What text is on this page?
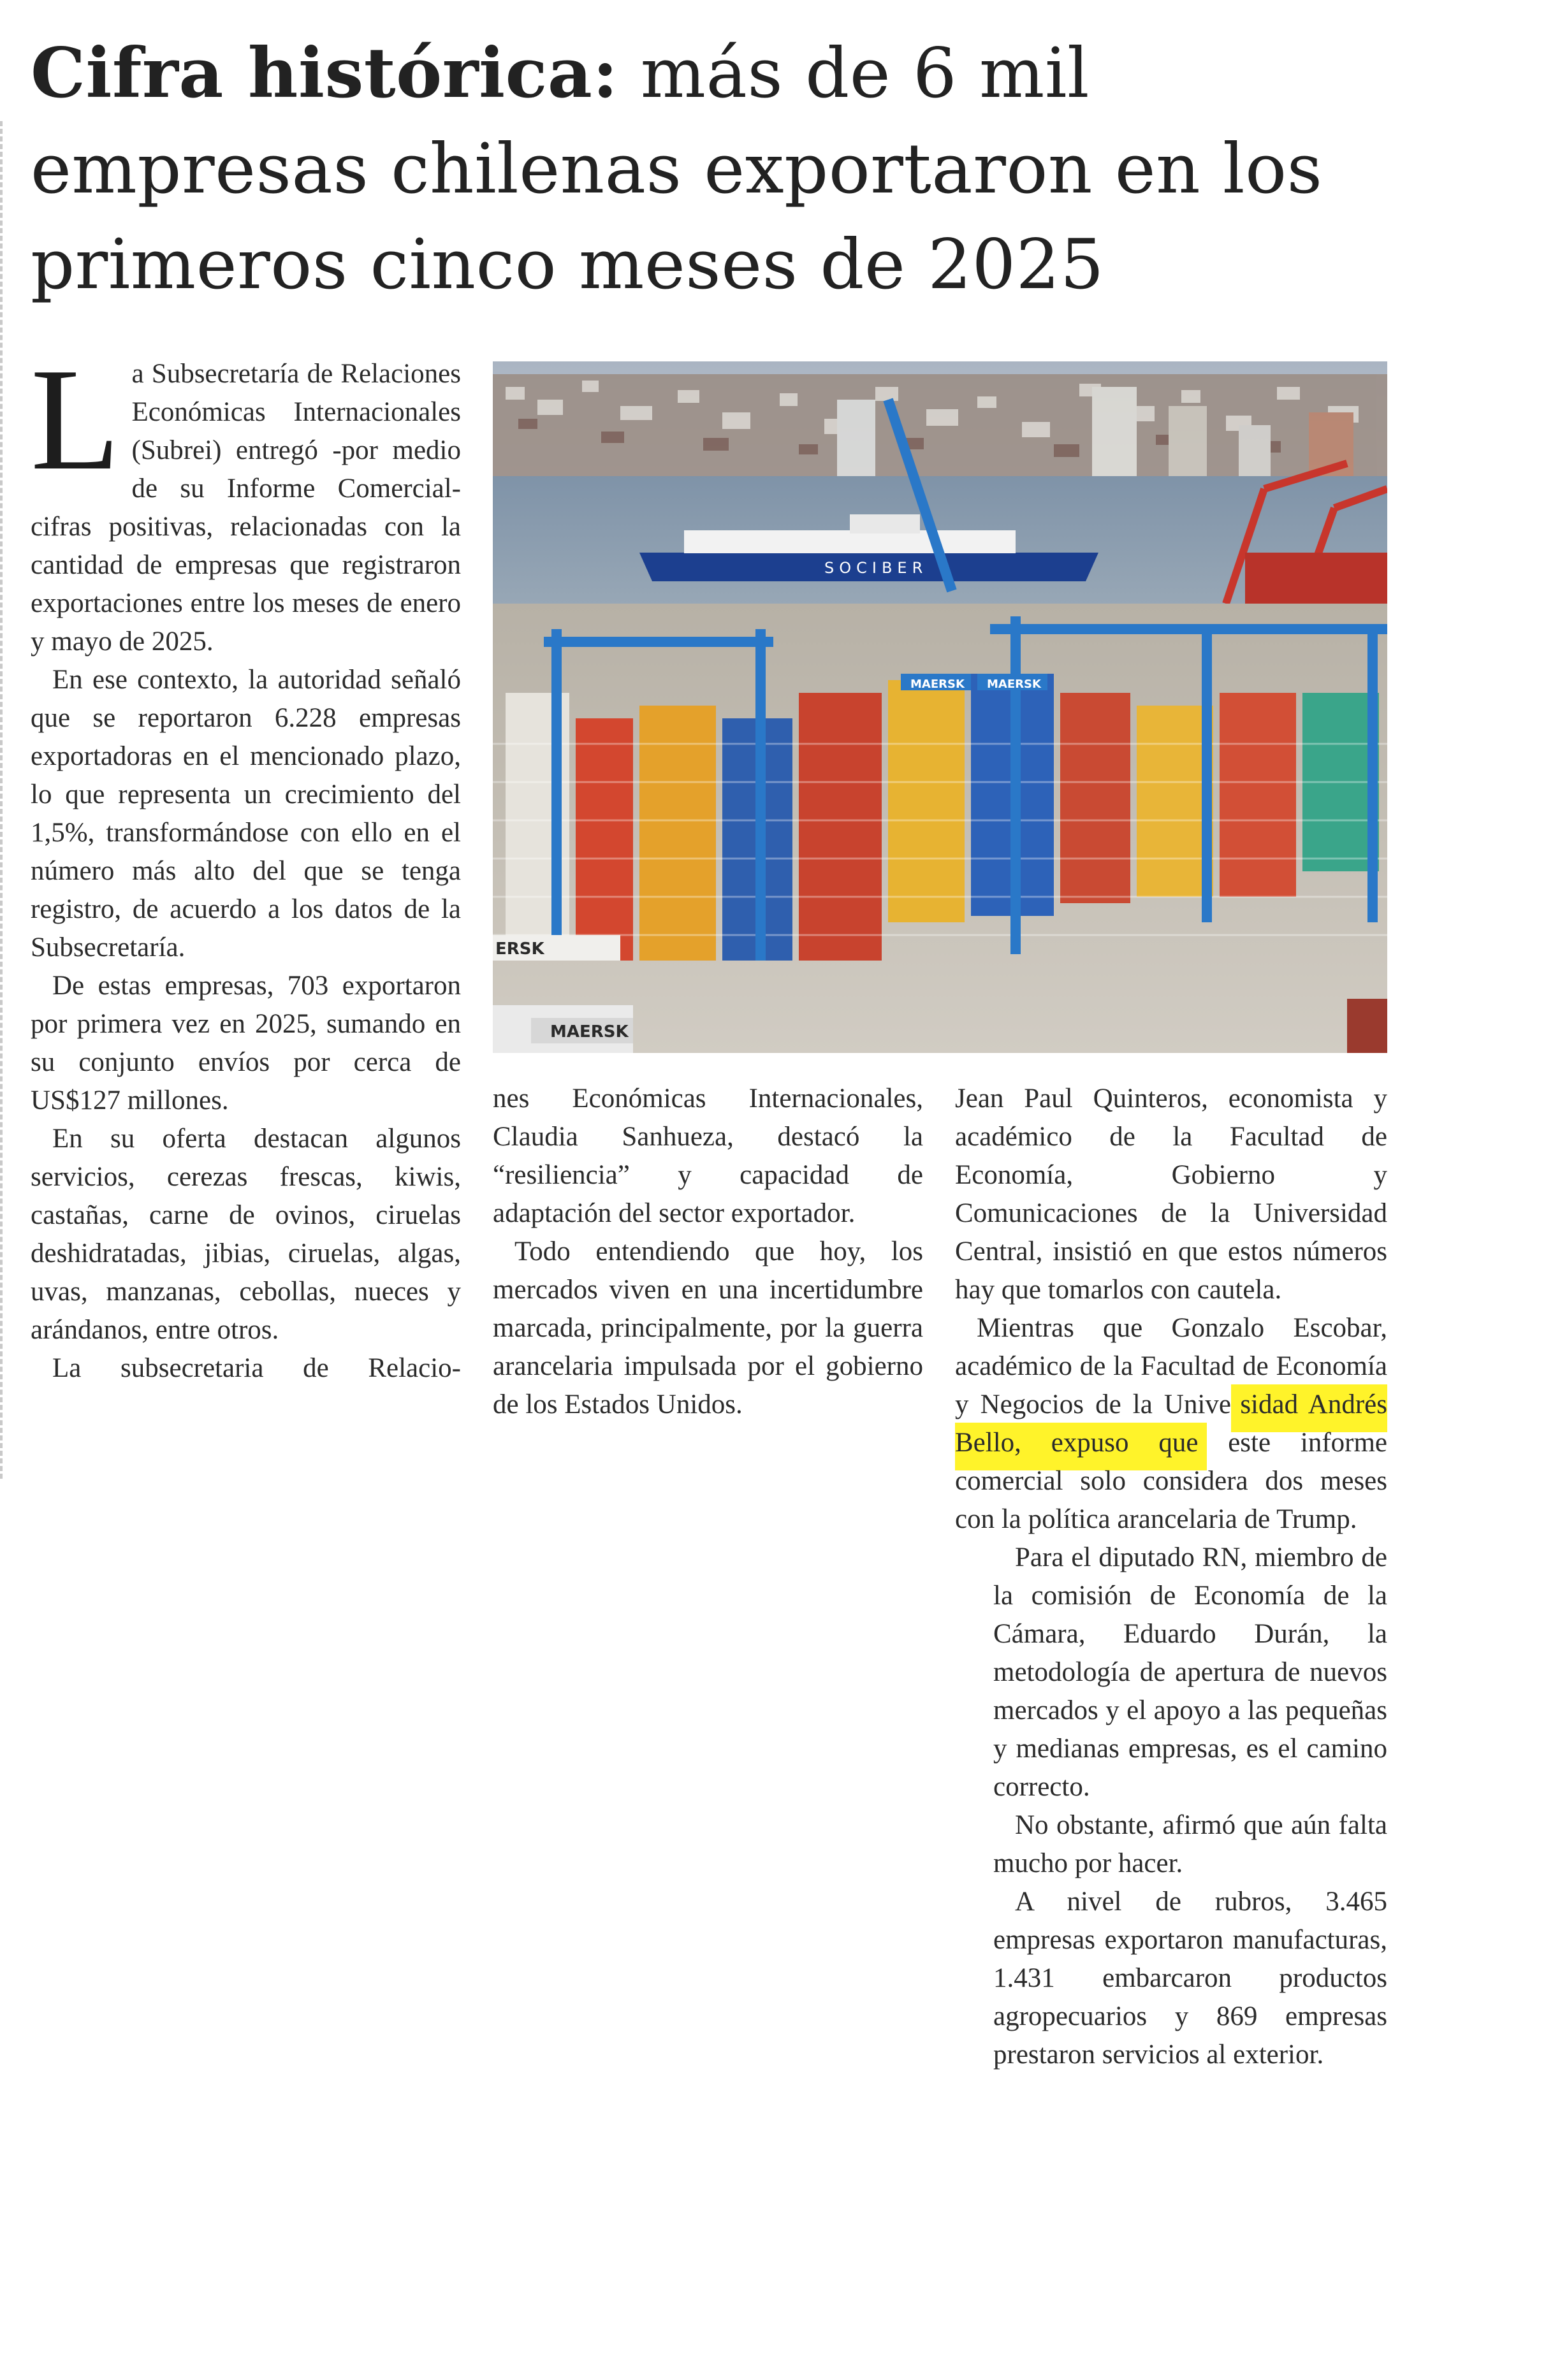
Cifra histórica: más de 6 mil empresas chilenas exportaron en los primeros cinco meses de 2025
SOCIBER
MAERSK MAERSK
ERSK
MAERSK

La Subsecretaría de Relaciones Económicas Internacionales (Subrei) entregó -por medio de su Informe Comercial- cifras positivas, relacionadas con la cantidad de empresas que registraron exportaciones entre los meses de enero y mayo de 2025.

En ese contexto, la autoridad señaló que se reportaron 6.228 empresas exportadoras en el mencionado plazo, lo que representa un crecimiento del 1,5%, transformándose con ello en el número más alto del que se tenga registro, de acuerdo a los datos de la Subsecretaría.

De estas empresas, 703 exportaron por primera vez en 2025, sumando en su conjunto envíos por cerca de US$127 millones.

En su oferta destacan algunos servicios, cerezas frescas, kiwis, castañas, carne de ovinos, ciruelas deshidratadas, jibias, ciruelas, algas, uvas, manzanas, cebollas, nueces y arándanos, entre otros.

La subsecretaria de Relacio-

nes Económicas Internacionales, Claudia Sanhueza, destacó la “resiliencia” y capacidad de adaptación del sector exportador.

Todo entendiendo que hoy, los mercados viven en una incertidumbre marcada, principalmente, por la guerra arancelaria impulsada por el gobierno de los Estados Unidos.

Jean Paul Quinteros, economista y académico de la Facultad de Economía, Gobierno y Comunicaciones de la Universidad Central, insistió en que estos números hay que tomarlos con cautela.

Mientras que Gonzalo Escobar, académico de la Facultad de Economía y Negocios de la Universidad Andrés Bello, expuso que este informe comercial solo considera dos meses con la política arancelaria de Trump.

Para el diputado RN, miembro de la comisión de Economía de la Cámara, Eduardo Durán, la metodología de apertura de nuevos mercados y el apoyo a las pequeñas y medianas empresas, es el camino correcto.

No obstante, afirmó que aún falta mucho por hacer.

A nivel de rubros, 3.465 empresas exportaron manufacturas, 1.431 embarcaron productos agropecuarios y 869 empresas prestaron servicios al exterior.
